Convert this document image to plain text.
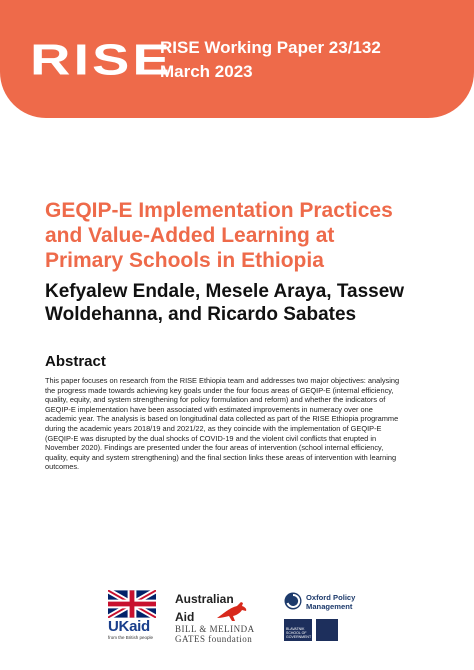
RISE
RISE Working Paper 23/132
March 2023
GEQIP-E Implementation Practices
and Value-Added Learning at
Primary Schools in Ethiopia
Kefyalew Endale, Mesele Araya, Tassew
Woldehanna, and Ricardo Sabates
Abstract
This paper focuses on research from the RISE Ethiopia team and addresses two major objectives: analysing
the progress made towards achieving key goals under the four focus areas of GEQIP-E (internal efficiency,
quality, equity, and system strengthening for policy formulation and reform) and whether the indicators of
GEQIP-E implementation have been associated with estimated improvements in numeracy over one
academic year. The analysis is based on longitudinal data collected as part of the RISE Ethiopia programme
during the academic years 2018/19 and 2021/22, as they coincide with the implementation of GEQIP-E
(GEQIP-E was disrupted by the dual shocks of COVID-19 and the violent civil conflicts that erupted in
November 2020). Findings are presented under the four areas of intervention (school internal efficiency,
quality, equity and system strengthening) and the final section links these areas of intervention with learning
outcomes.
UKaid
from the British people
Australian
Aid
BILL & MELINDA
GATES foundation
Oxford Policy
Management
BLAVATNIK SCHOOL OF GOVERNMENT
